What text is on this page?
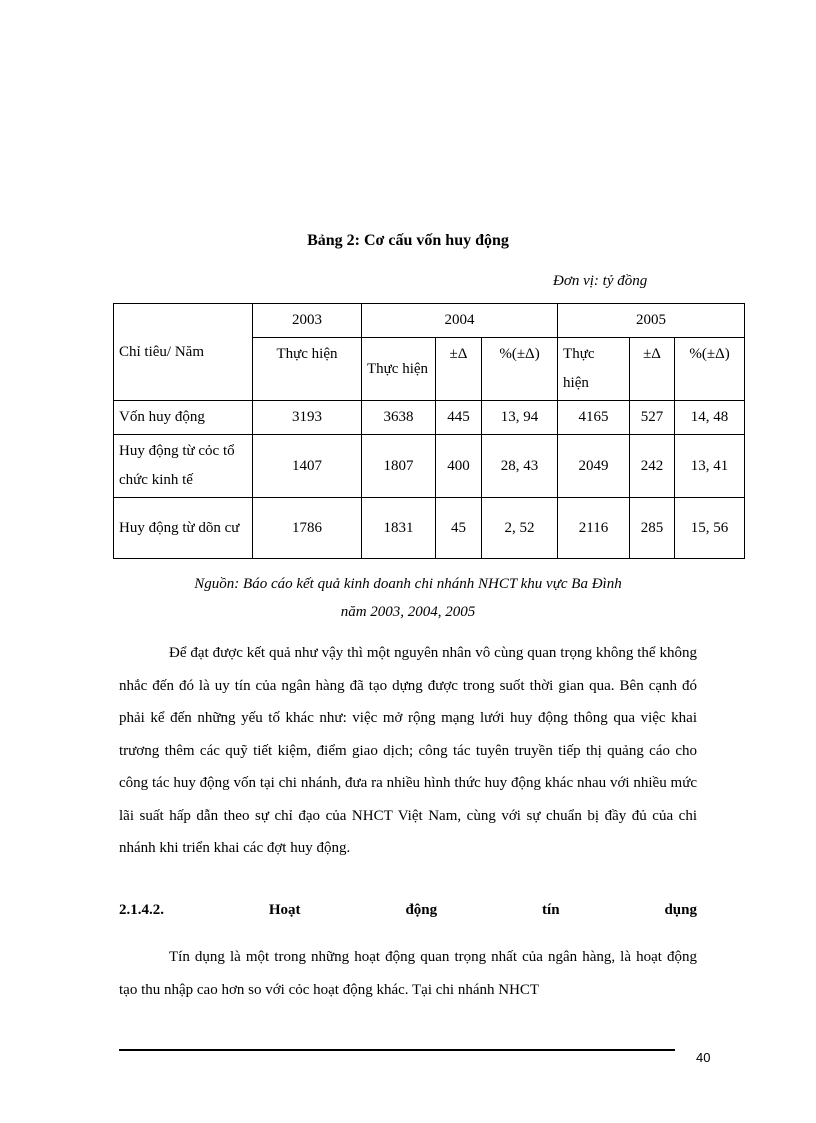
Bảng 2: Cơ cấu vốn huy động
Đơn vị: tỷ đồng
Chỉ tiêu/ Năm	2003	2004			2005		
	Thực hiện	Thực hiện	±Δ	%(±Δ)	Thực hiện	±Δ	%(±Δ)
Vốn huy động	3193	3638	445	13, 94	4165	527	14, 48
Huy động từ cỏc tổ chức kinh tế	1407	1807	400	28, 43	2049	242	13, 41
Huy động từ dõn cư	1786	1831	45	2, 52	2116	285	15, 56
Nguồn: Báo cáo kết quả kinh doanh chi nhánh NHCT khu vực Ba Đình
năm 2003, 2004, 2005
Để đạt được kết quả như vậy thì một nguyên nhân vô cùng quan trọng không thể không nhắc đến đó là uy tín của ngân hàng đã tạo dựng được trong suốt thời gian qua. Bên cạnh đó phải kể đến những yếu tố khác như: việc mở rộng mạng lưới huy động thông qua việc khai trương thêm các quỹ tiết kiệm, điểm giao dịch; công tác tuyên truyền tiếp thị quảng cáo cho công tác huy động vốn tại chi nhánh, đưa ra nhiều hình thức huy động khác nhau với nhiều mức lãi suất hấp dẫn theo sự chỉ đạo của NHCT Việt Nam, cùng với sự chuẩn bị đầy đủ của chi nhánh khi triển khai các đợt huy động.
2.1.4.2.	Hoạt	động	tín	dụng
Tín dụng là một trong những hoạt động quan trọng nhất của ngân hàng, là hoạt động tạo thu nhập cao hơn so với cỏc hoạt động khác. Tại chi nhánh NHCT
40
